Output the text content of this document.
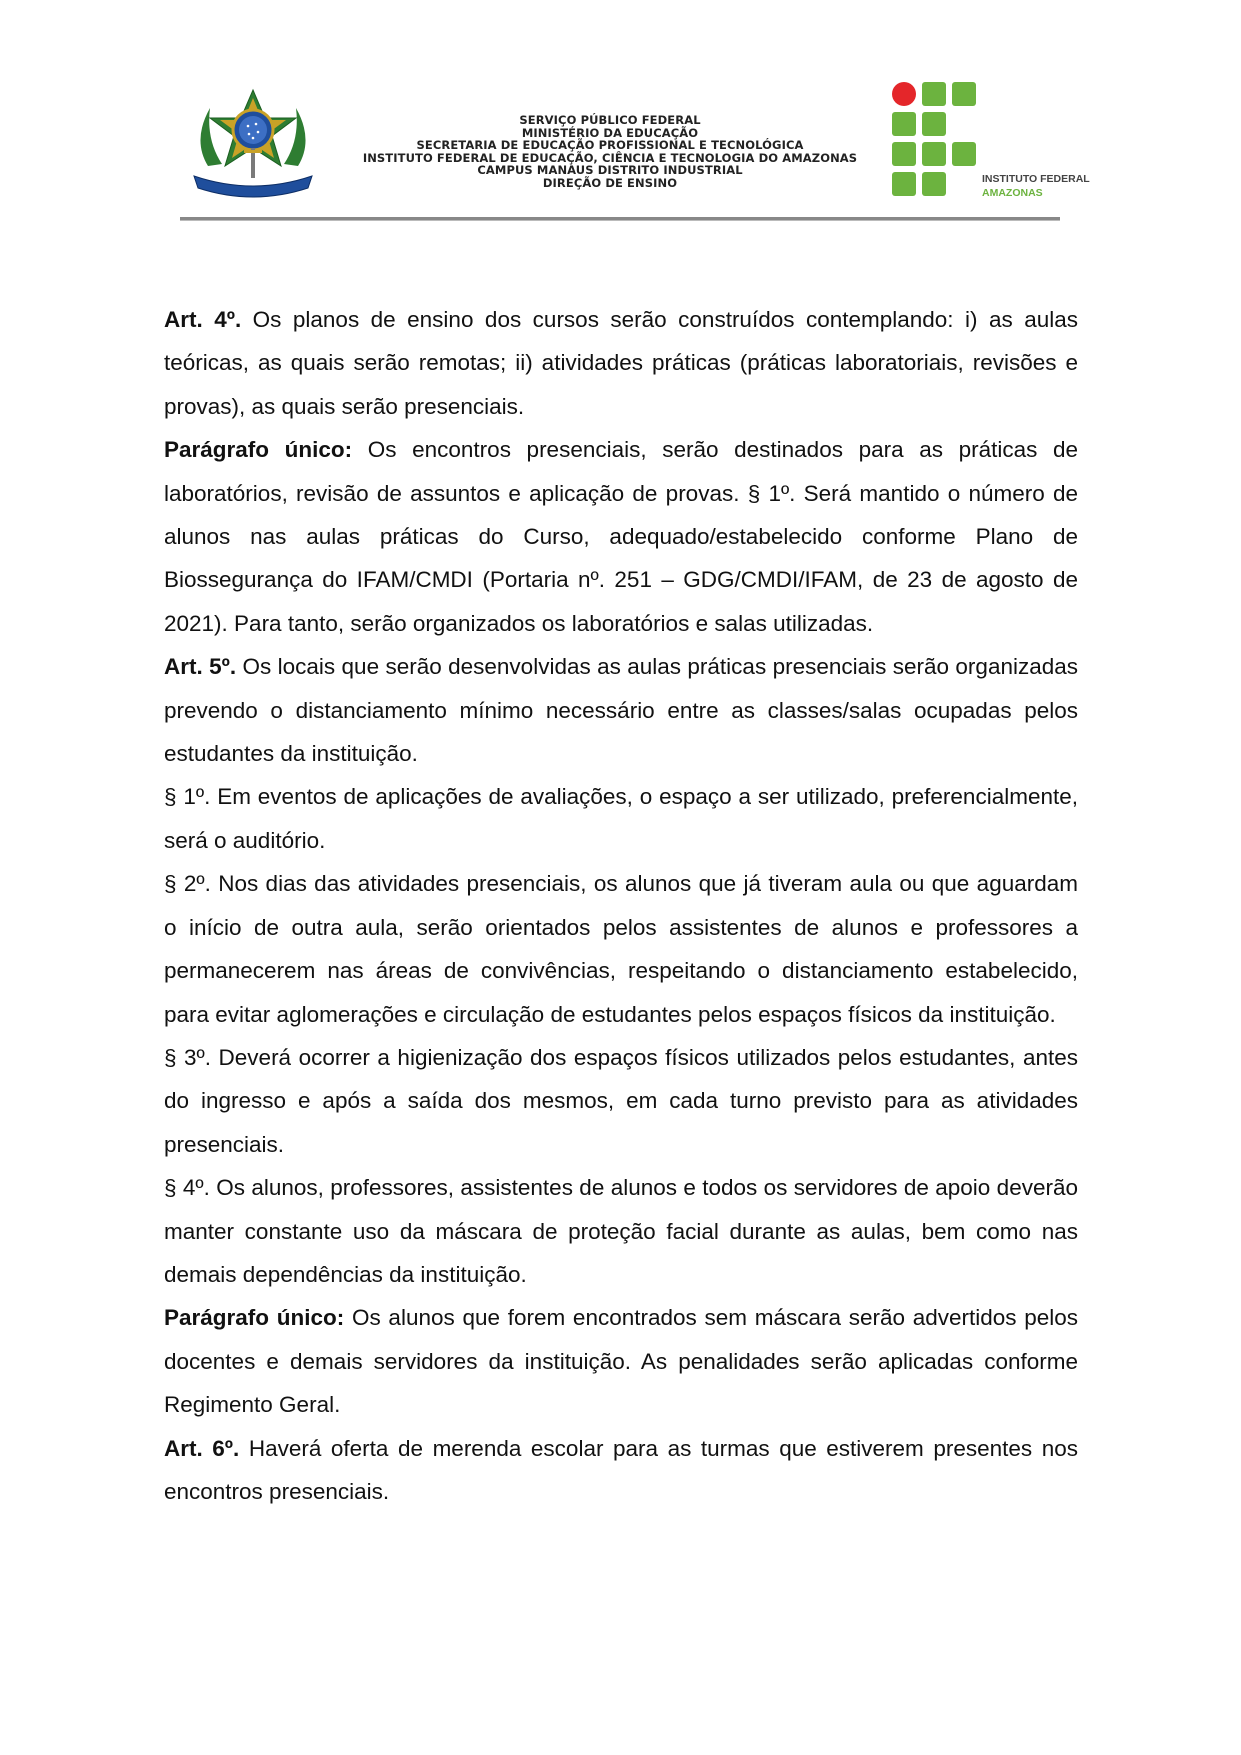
SERVIÇO PÚBLICO FEDERAL
MINISTÉRIO DA EDUCAÇÃO
SECRETARIA DE EDUCAÇÃO PROFISSIONAL E TECNOLÓGICA
INSTITUTO FEDERAL DE EDUCAÇÃO, CIÊNCIA E TECNOLOGIA DO AMAZONAS
CAMPUS MANAUS DISTRITO INDUSTRIAL
DIREÇÃO DE ENSINO	INSTITUTO FEDERAL
AMAZONAS

Art. 4º. Os planos de ensino dos cursos serão construídos contemplando: i) as aulas teóricas, as quais serão remotas; ii) atividades práticas (práticas laboratoriais, revisões e provas), as quais serão presenciais.

Parágrafo único: Os encontros presenciais, serão destinados para as práticas de laboratórios, revisão de assuntos e aplicação de provas. § 1º. Será mantido o número de alunos nas aulas práticas do Curso, adequado/estabelecido conforme Plano de Biossegurança do IFAM/CMDI (Portaria nº. 251 – GDG/CMDI/IFAM, de 23 de agosto de 2021). Para tanto, serão organizados os laboratórios e salas utilizadas.

Art. 5º. Os locais que serão desenvolvidas as aulas práticas presenciais serão organizadas prevendo o distanciamento mínimo necessário entre as classes/salas ocupadas pelos estudantes da instituição.

§ 1º. Em eventos de aplicações de avaliações, o espaço a ser utilizado, preferencialmente, será o auditório.

§ 2º. Nos dias das atividades presenciais, os alunos que já tiveram aula ou que aguardam o início de outra aula, serão orientados pelos assistentes de alunos e professores a permanecerem nas áreas de convivências, respeitando o distanciamento estabelecido, para evitar aglomerações e circulação de estudantes pelos espaços físicos da instituição.

§ 3º. Deverá ocorrer a higienização dos espaços físicos utilizados pelos estudantes, antes do ingresso e após a saída dos mesmos, em cada turno previsto para as atividades presenciais.

§ 4º. Os alunos, professores, assistentes de alunos e todos os servidores de apoio deverão manter constante uso da máscara de proteção facial durante as aulas, bem como nas demais dependências da instituição.

Parágrafo único: Os alunos que forem encontrados sem máscara serão advertidos pelos docentes e demais servidores da instituição. As penalidades serão aplicadas conforme Regimento Geral.

Art. 6º. Haverá oferta de merenda escolar para as turmas que estiverem presentes nos encontros presenciais.
